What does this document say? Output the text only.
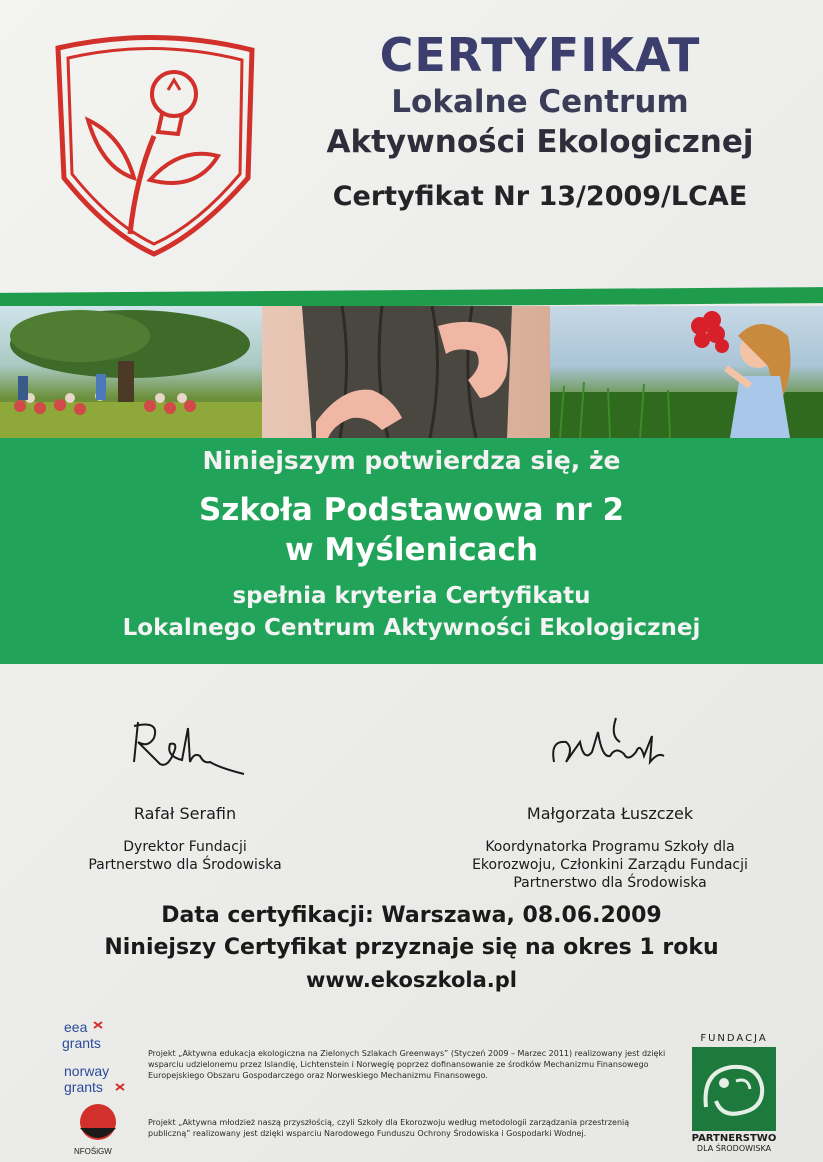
CERTYFIKAT
Lokalne Centrum
Aktywności Ekologicznej
Certyfikat Nr 13/2009/LCAE
Niniejszym potwierdza się, że
Szkoła Podstawowa nr 2
w Myślenicach
spełnia kryteria Certyfikatu
Lokalnego Centrum Aktywności Ekologicznej
Rafał Serafin
Dyrektor Fundacji
Partnerstwo dla Środowiska
Małgorzata Łuszczek
Koordynatorka Programu Szkoły dla
Ekorozwoju, Członkini Zarządu Fundacji
Partnerstwo dla Środowiska
Data certyfikacji: Warszawa, 08.06.2009
Niniejszy Certyfikat przyznaje się na okres 1 roku
www.ekoszkola.pl
eea
grants
norway
grants
NFOŚiGW
Projekt „Aktywna edukacja ekologiczna na Zielonych Szlakach Greenways” (Styczeń 2009 – Marzec 2011) realizowany jest dzięki wsparciu udzielonemu przez Islandię, Lichtenstein i Norwegię poprzez dofinansowanie ze środków Mechanizmu Finansowego Europejskiego Obszaru Gospodarczego oraz Norweskiego Mechanizmu Finansowego.
Projekt „Aktywna młodzież naszą przyszłością, czyli Szkoły dla Ekorozwoju według metodologii zarządzania przestrzenią publiczną” realizowany jest dzięki wsparciu Narodowego Funduszu Ochrony Środowiska i Gospodarki Wodnej.
FUNDACJA
PARTNERSTWO
DLA ŚRODOWISKA
